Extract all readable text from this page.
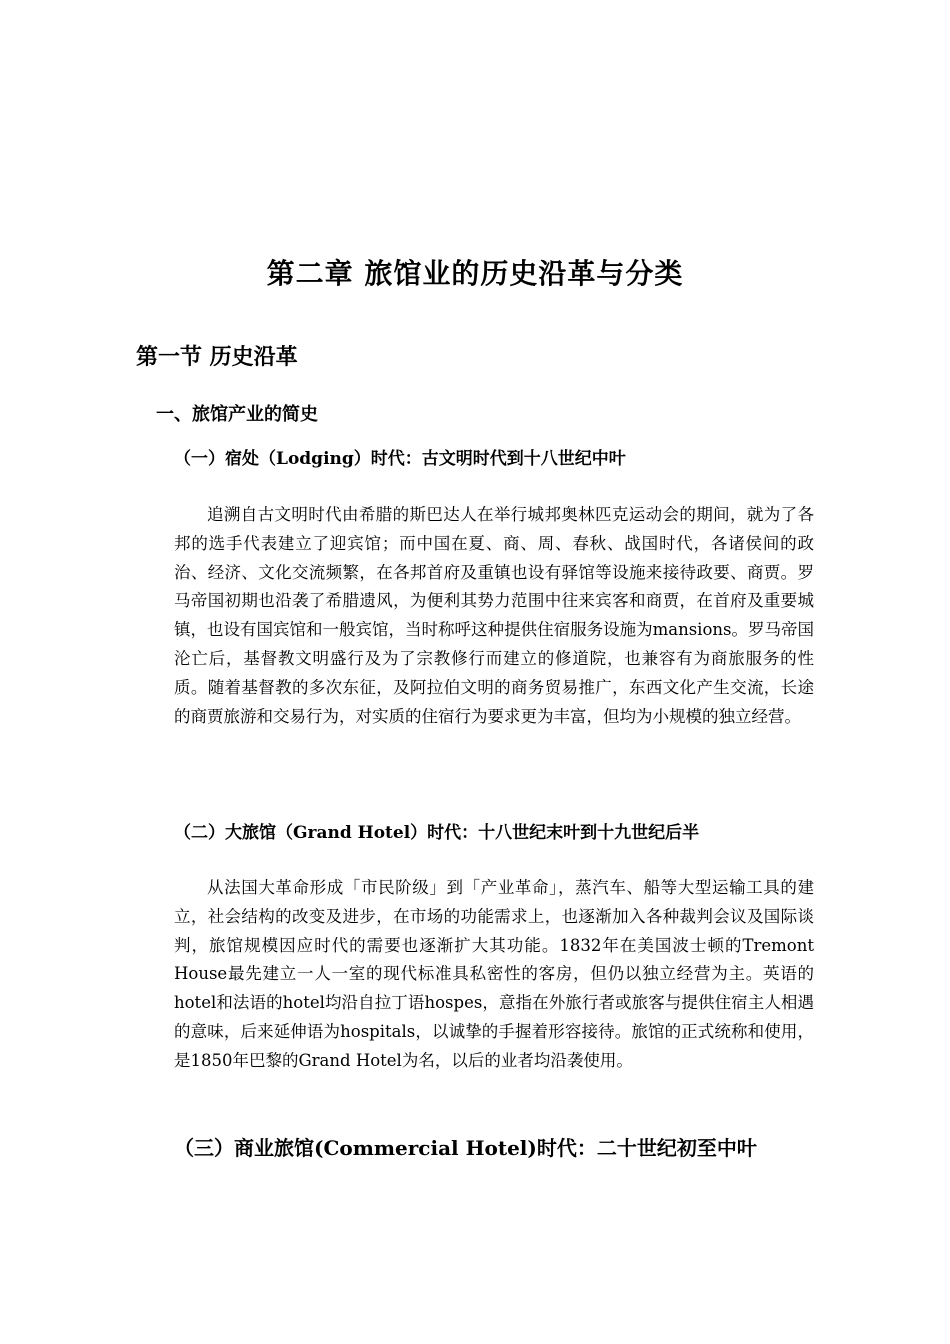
第二章 旅馆业的历史沿革与分类
第一节 历史沿革
一、旅馆产业的简史
（一）宿处（Lodging）时代：古文明时代到十八世纪中叶

追溯自古文明时代由希腊的斯巴达人在举行城邦奥林匹克运动会的期间，就为了各邦的选手代表建立了迎宾馆；而中国在夏、商、周、春秋、战国时代，各诸侯间的政治、经济、文化交流频繁，在各邦首府及重镇也设有驿馆等设施来接待政要、商贾。罗马帝国初期也沿袭了希腊遗风，为便利其势力范围中往来宾客和商贾，在首府及重要城镇，也设有国宾馆和一般宾馆，当时称呼这种提供住宿服务设施为mansions。罗马帝国沦亡后，基督教文明盛行及为了宗教修行而建立的修道院，也兼容有为商旅服务的性质。随着基督教的多次东征，及阿拉伯文明的商务贸易推广，东西文化产生交流，长途的商贾旅游和交易行为，对实质的住宿行为要求更为丰富，但均为小规模的独立经营。

（二）大旅馆（Grand Hotel）时代：十八世纪末叶到十九世纪后半

从法国大革命形成「市民阶级」到「产业革命」，蒸汽车、船等大型运输工具的建立，社会结构的改变及进步，在市场的功能需求上，也逐渐加入各种裁判会议及国际谈判，旅馆规模因应时代的需要也逐渐扩大其功能。1832年在美国波士顿的Tremont House最先建立一人一室的现代标准具私密性的客房，但仍以独立经营为主。英语的hotel和法语的hotel均沿自拉丁语hospes，意指在外旅行者或旅客与提供住宿主人相遇的意味，后来延伸语为hospitals，以诚挚的手握着形容接待。旅馆的正式统称和使用，是1850年巴黎的Grand Hotel为名，以后的业者均沿袭使用。

（三）商业旅馆(Commercial Hotel)时代：二十世纪初至中叶
